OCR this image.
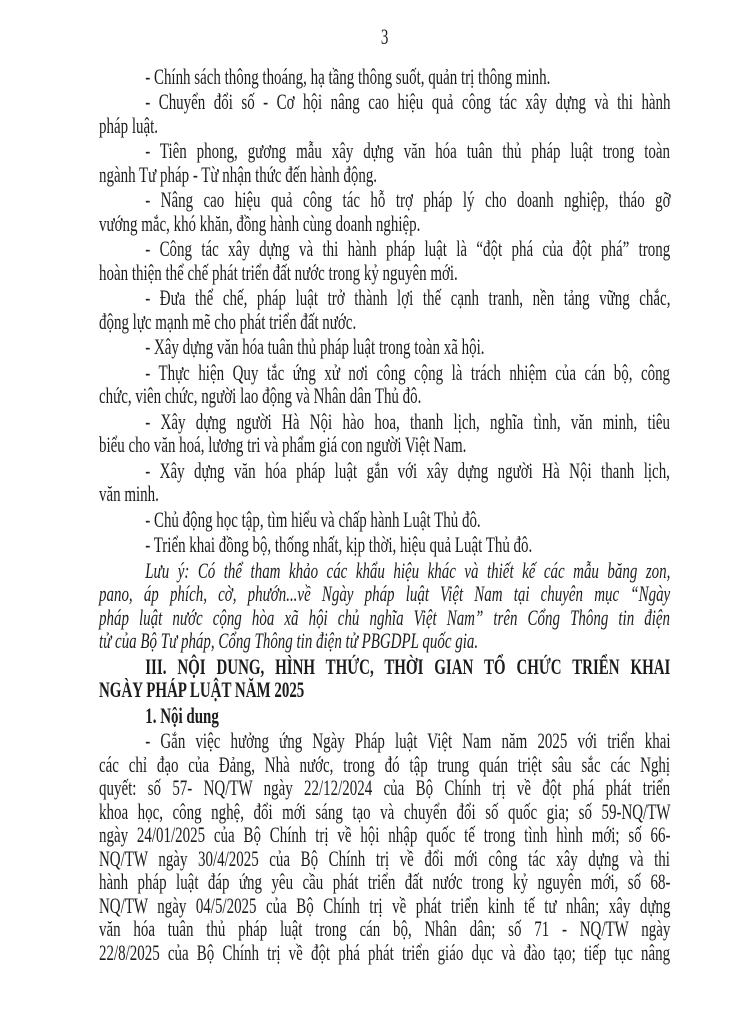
3
- Chính sách thông thoáng, hạ tầng thông suốt, quản trị thông minh.
- Chuyển đổi số - Cơ hội nâng cao hiệu quả công tác xây dựng và thi hành
pháp luật.
- Tiên phong, gương mẫu xây dựng văn hóa tuân thủ pháp luật trong toàn
ngành Tư pháp - Từ nhận thức đến hành động.
- Nâng cao hiệu quả công tác hỗ trợ pháp lý cho doanh nghiệp, tháo gỡ
vướng mắc, khó khăn, đồng hành cùng doanh nghiệp.
- Công tác xây dựng và thi hành pháp luật là “đột phá của đột phá” trong
hoàn thiện thể chế phát triển đất nước trong kỷ nguyên mới.
- Đưa thể chế, pháp luật trở thành lợi thế cạnh tranh, nền tảng vững chắc,
động lực mạnh mẽ cho phát triển đất nước.
- Xây dựng văn hóa tuân thủ pháp luật trong toàn xã hội.
- Thực hiện Quy tắc ứng xử nơi công cộng là trách nhiệm của cán bộ, công
chức, viên chức, người lao động và Nhân dân Thủ đô.
- Xây dựng người Hà Nội hào hoa, thanh lịch, nghĩa tình, văn minh, tiêu
biểu cho văn hoá, lương tri và phẩm giá con người Việt Nam.
- Xây dựng văn hóa pháp luật gắn với xây dựng người Hà Nội thanh lịch,
văn minh.
- Chủ động học tập, tìm hiểu và chấp hành Luật Thủ đô.
- Triển khai đồng bộ, thống nhất, kịp thời, hiệu quả Luật Thủ đô.
Lưu ý: Có thể tham khảo các khẩu hiệu khác và thiết kế các mẫu băng zon,
pano, áp phích, cờ, phướn...về Ngày pháp luật Việt Nam tại chuyên mục “Ngày
pháp luật nước cộng hòa xã hội chủ nghĩa Việt Nam” trên Cổng Thông tin điện
tử của Bộ Tư pháp, Cổng Thông tin điện tử PBGDPL quốc gia.
III. NỘI DUNG, HÌNH THỨC, THỜI GIAN TỔ CHỨC TRIỂN KHAI
NGÀY PHÁP LUẬT NĂM 2025
1. Nội dung
- Gắn việc hưởng ứng Ngày Pháp luật Việt Nam năm 2025 với triển khai
các chỉ đạo của Đảng, Nhà nước, trong đó tập trung quán triệt sâu sắc các Nghị
quyết: số 57- NQ/TW ngày 22/12/2024 của Bộ Chính trị về đột phá phát triển
khoa học, công nghệ, đổi mới sáng tạo và chuyển đổi số quốc gia; số 59-NQ/TW
ngày 24/01/2025 của Bộ Chính trị về hội nhập quốc tế trong tình hình mới; số 66-
NQ/TW ngày 30/4/2025 của Bộ Chính trị về đổi mới công tác xây dựng và thi
hành pháp luật đáp ứng yêu cầu phát triển đất nước trong kỷ nguyên mới, số 68-
NQ/TW ngày 04/5/2025 của Bộ Chính trị về phát triển kinh tế tư nhân; xây dựng
văn hóa tuân thủ pháp luật trong cán bộ, Nhân dân; số 71 - NQ/TW ngày
22/8/2025 của Bộ Chính trị về đột phá phát triển giáo dục và đào tạo; tiếp tục nâng
